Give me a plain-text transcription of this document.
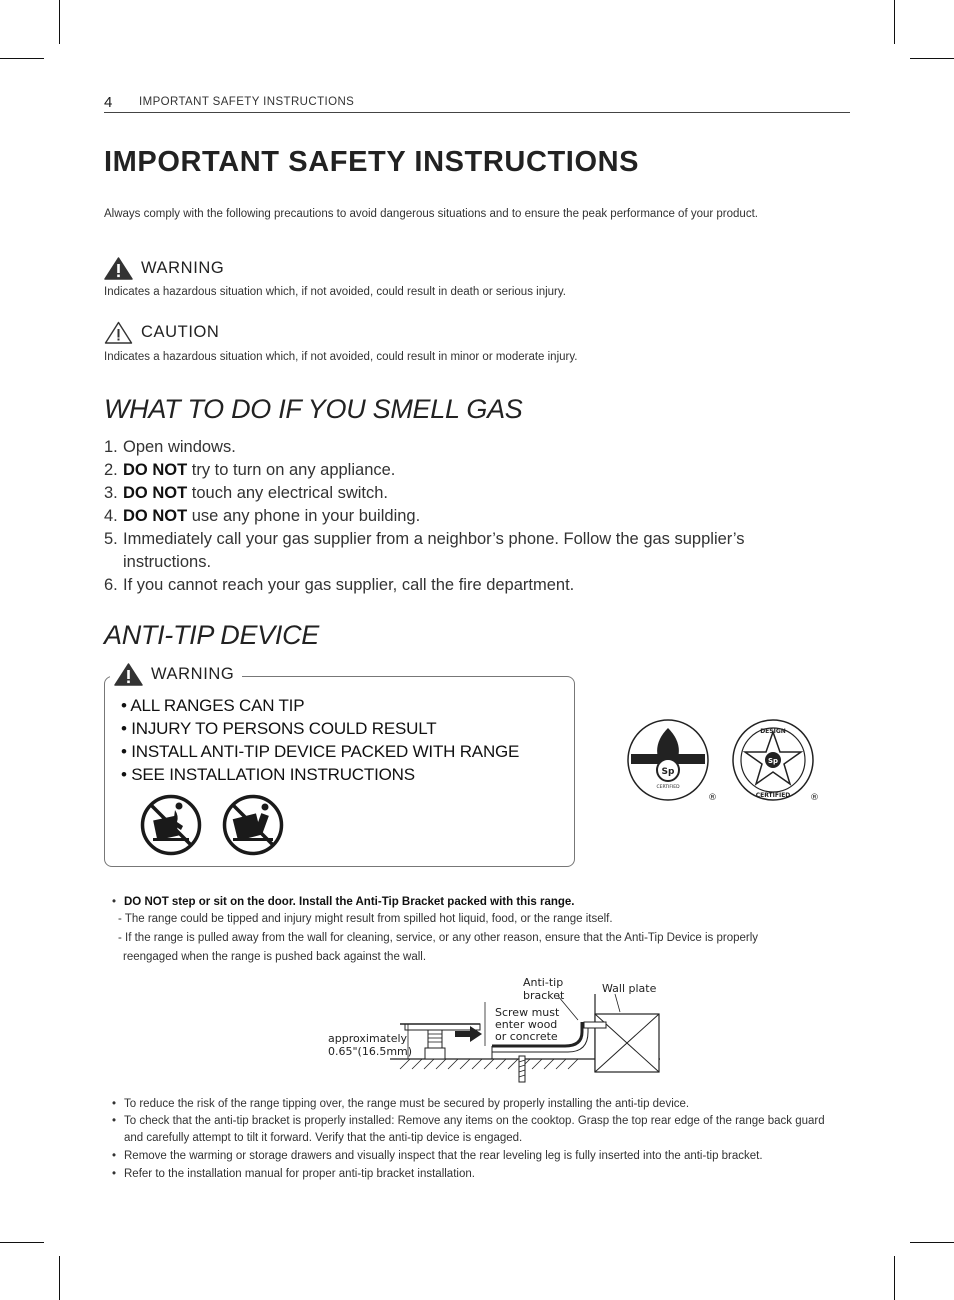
4 IMPORTANT SAFETY INSTRUCTIONS
IMPORTANT SAFETY INSTRUCTIONS
Always comply with the following precautions to avoid dangerous situations and to ensure the peak performance of your product.
WARNING
Indicates a hazardous situation which, if not avoided, could result in death or serious injury.
CAUTION
Indicates a hazardous situation which, if not avoided, could result in minor or moderate injury.
WHAT TO DO IF YOU SMELL GAS
1. Open windows.
2. DO NOT try to turn on any appliance.
3. DO NOT touch any electrical switch.
4. DO NOT use any phone in your building.
5. Immediately call your gas supplier from a neighbor’s phone. Follow the gas supplier’s instructions.
6. If you cannot reach your gas supplier, call the fire department.
ANTI-TIP DEVICE
WARNING
• ALL RANGES CAN TIP
• INJURY TO PERSONS COULD RESULT
• INSTALL ANTI-TIP DEVICE PACKED WITH RANGE
• SEE INSTALLATION INSTRUCTIONS	Sp
CERTIFIED
®
Sp
DESIGN
CERTIFIED ®
• DO NOT step or sit on the door. Install the Anti-Tip Bracket packed with this range.
- The range could be tipped and injury might result from spilled hot liquid, food, or the range itself.
- If the range is pulled away from the wall for cleaning, service, or any other reason, ensure that the Anti-Tip Device is properly
reengaged when the range is pushed back against the wall.
Anti-tip
bracket
Wall plate
Screw must
enter wood
or concrete
approximately
0.65"(16.5mm)
• To reduce the risk of the range tipping over, the range must be secured by properly installing the anti-tip device.
• To check that the anti-tip bracket is properly installed: Remove any items on the cooktop. Grasp the top rear edge of the range back guard and carefully attempt to tilt it forward. Verify that the anti-tip device is engaged.
• Remove the warming or storage drawers and visually inspect that the rear leveling leg is fully inserted into the anti-tip bracket.
• Refer to the installation manual for proper anti-tip bracket installation.
